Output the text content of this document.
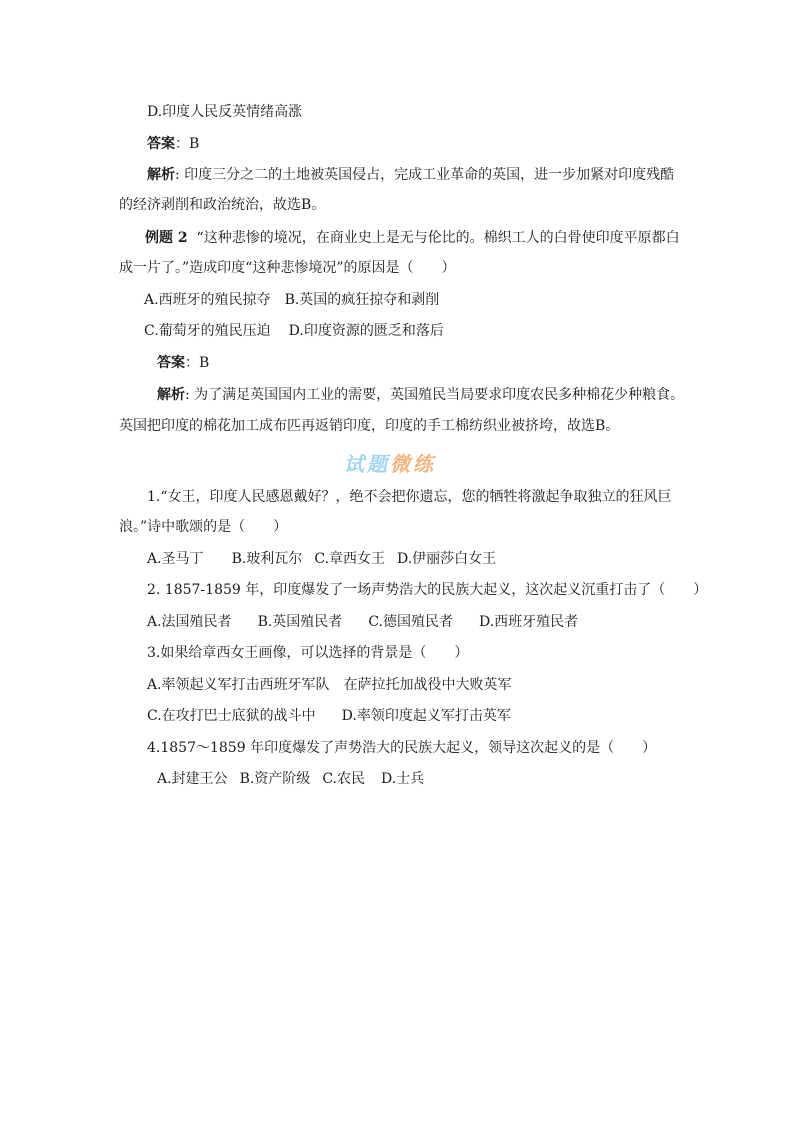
D.印度人民反英情绪高涨
答案：B
解析: 印度三分之二的土地被英国侵占，完成工业革命的英国，进一步加紧对印度残酷
的经济剥削和政治统治，故选B。
例题 2 “这种悲惨的境况，在商业史上是无与伦比的。棉织工人的白骨使印度平原都白
成一片了。”造成印度“这种悲惨境况”的原因是（　　）
A.西班牙的殖民掠夺 B.英国的疯狂掠夺和剥削
C.葡萄牙的殖民压迫 D.印度资源的匮乏和落后
答案：B
解析: 为了满足英国国内工业的需要，英国殖民当局要求印度农民多种棉花少种粮食。
英国把印度的棉花加工成布匹再返销印度，印度的手工棉纺织业被挤垮，故选B。
试题微练
1.“女王，印度人民感恩戴好？，绝不会把你遗忘，您的牺牲将激起争取独立的狂风巨
浪。”诗中歌颂的是（　　）
A.圣马丁 B.玻利瓦尔 C.章西女王 D.伊丽莎白女王
2. 1857-1859 年，印度爆发了一场声势浩大的民族大起义，这次起义沉重打击了（　　）
A.法国殖民者 B.英国殖民者 C.德国殖民者 D.西班牙殖民者
3.如果给章西女王画像，可以选择的背景是（　　）
A.率领起义军打击西班牙军队 在萨拉托加战役中大败英军
C.在攻打巴士底狱的战斗中 D.率领印度起义军打击英军
4.1857～1859 年印度爆发了声势浩大的民族大起义，领导这次起义的是（　　）
A.封建王公 B.资产阶级 C.农民 D.士兵
